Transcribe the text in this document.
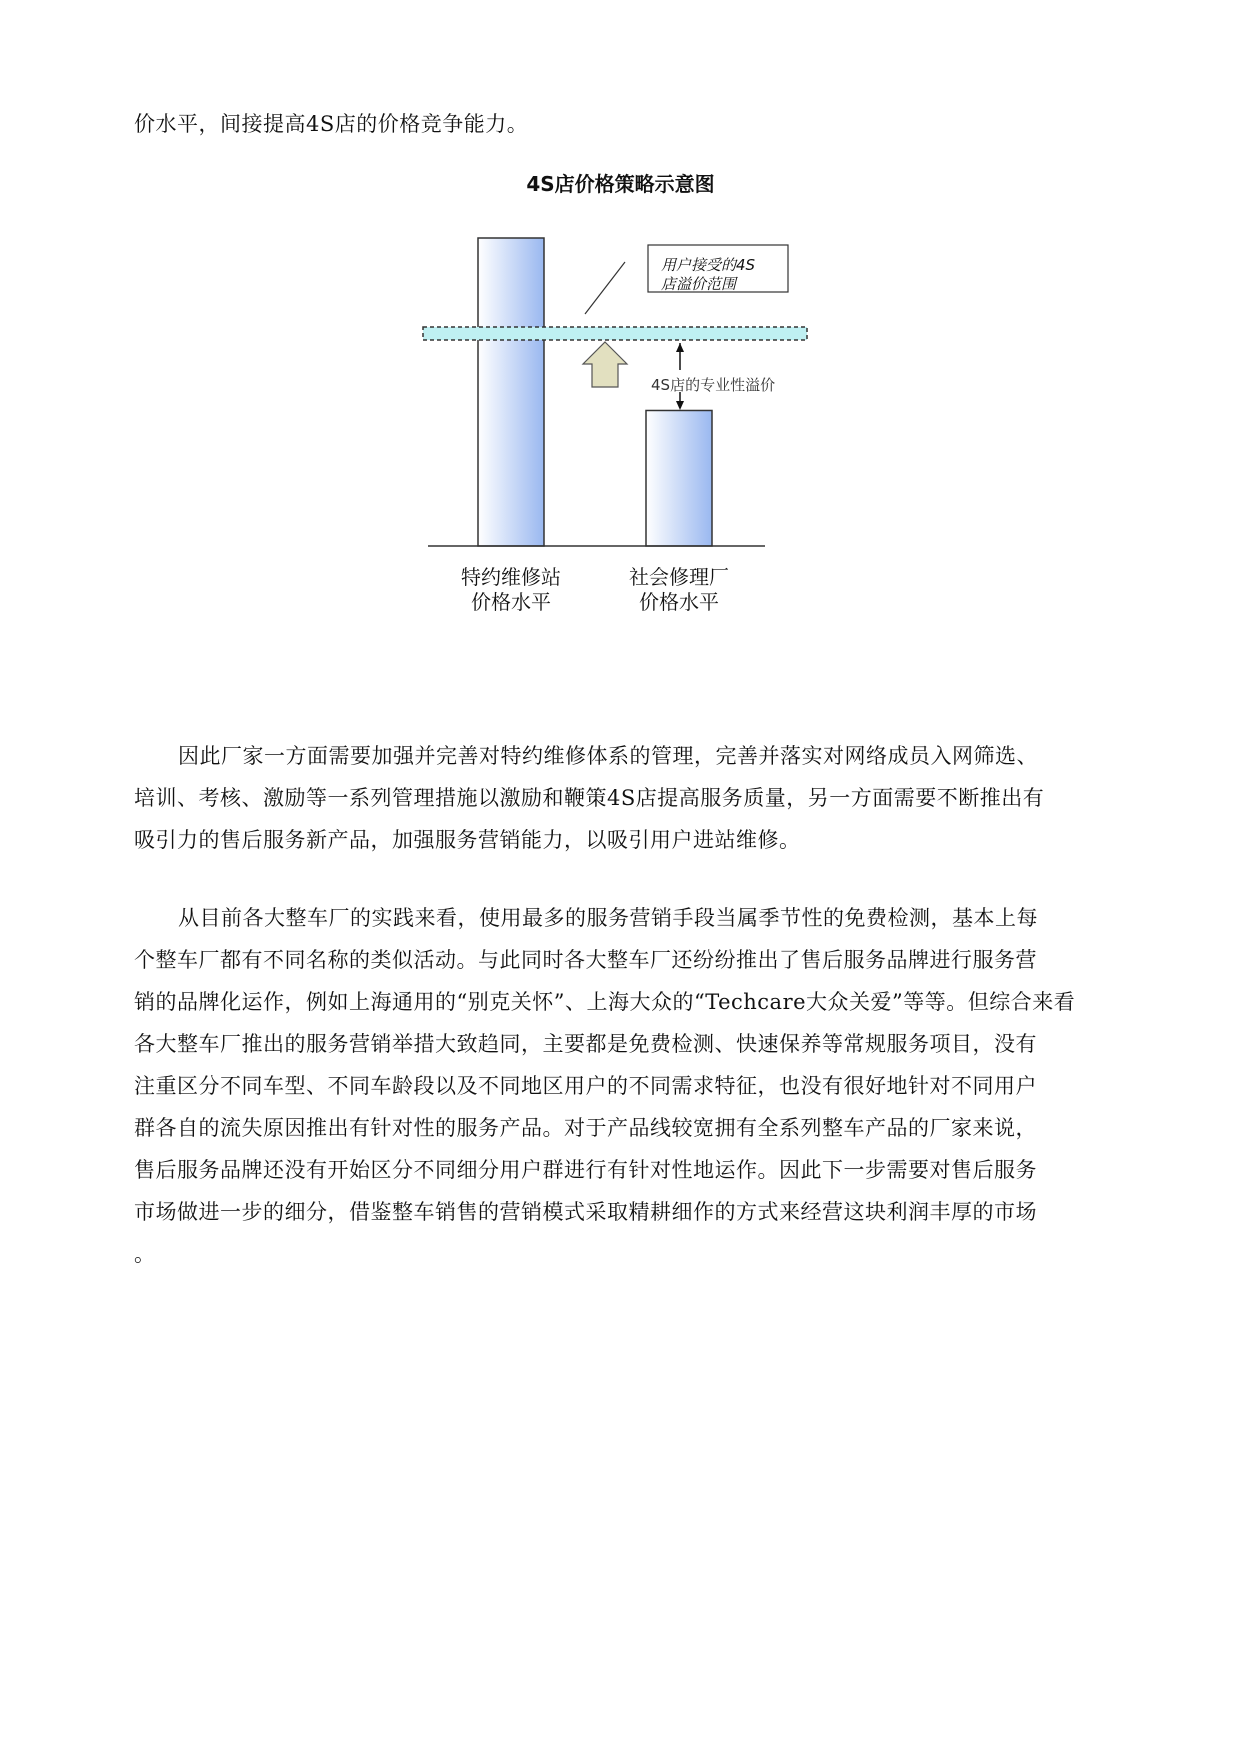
价水平，间接提高4S店的价格竞争能力。
4S店价格策略示意图
用户接受的4S
店溢价范围
4S店的专业性溢价
特约维修站
价格水平
社会修理厂
价格水平
因此厂家一方面需要加强并完善对特约维修体系的管理，完善并落实对网络成员入网筛选、
培训、考核、激励等一系列管理措施以激励和鞭策4S店提高服务质量，另一方面需要不断推出有
吸引力的售后服务新产品，加强服务营销能力，以吸引用户进站维修。
从目前各大整车厂的实践来看，使用最多的服务营销手段当属季节性的免费检测，基本上每
个整车厂都有不同名称的类似活动。与此同时各大整车厂还纷纷推出了售后服务品牌进行服务营
销的品牌化运作，例如上海通用的“别克关怀”、上海大众的“Techcare大众关爱”等等。但综合来看
各大整车厂推出的服务营销举措大致趋同，主要都是免费检测、快速保养等常规服务项目，没有
注重区分不同车型、不同车龄段以及不同地区用户的不同需求特征，也没有很好地针对不同用户
群各自的流失原因推出有针对性的服务产品。对于产品线较宽拥有全系列整车产品的厂家来说，
售后服务品牌还没有开始区分不同细分用户群进行有针对性地运作。因此下一步需要对售后服务
市场做进一步的细分，借鉴整车销售的营销模式采取精耕细作的方式来经营这块利润丰厚的市场
。
